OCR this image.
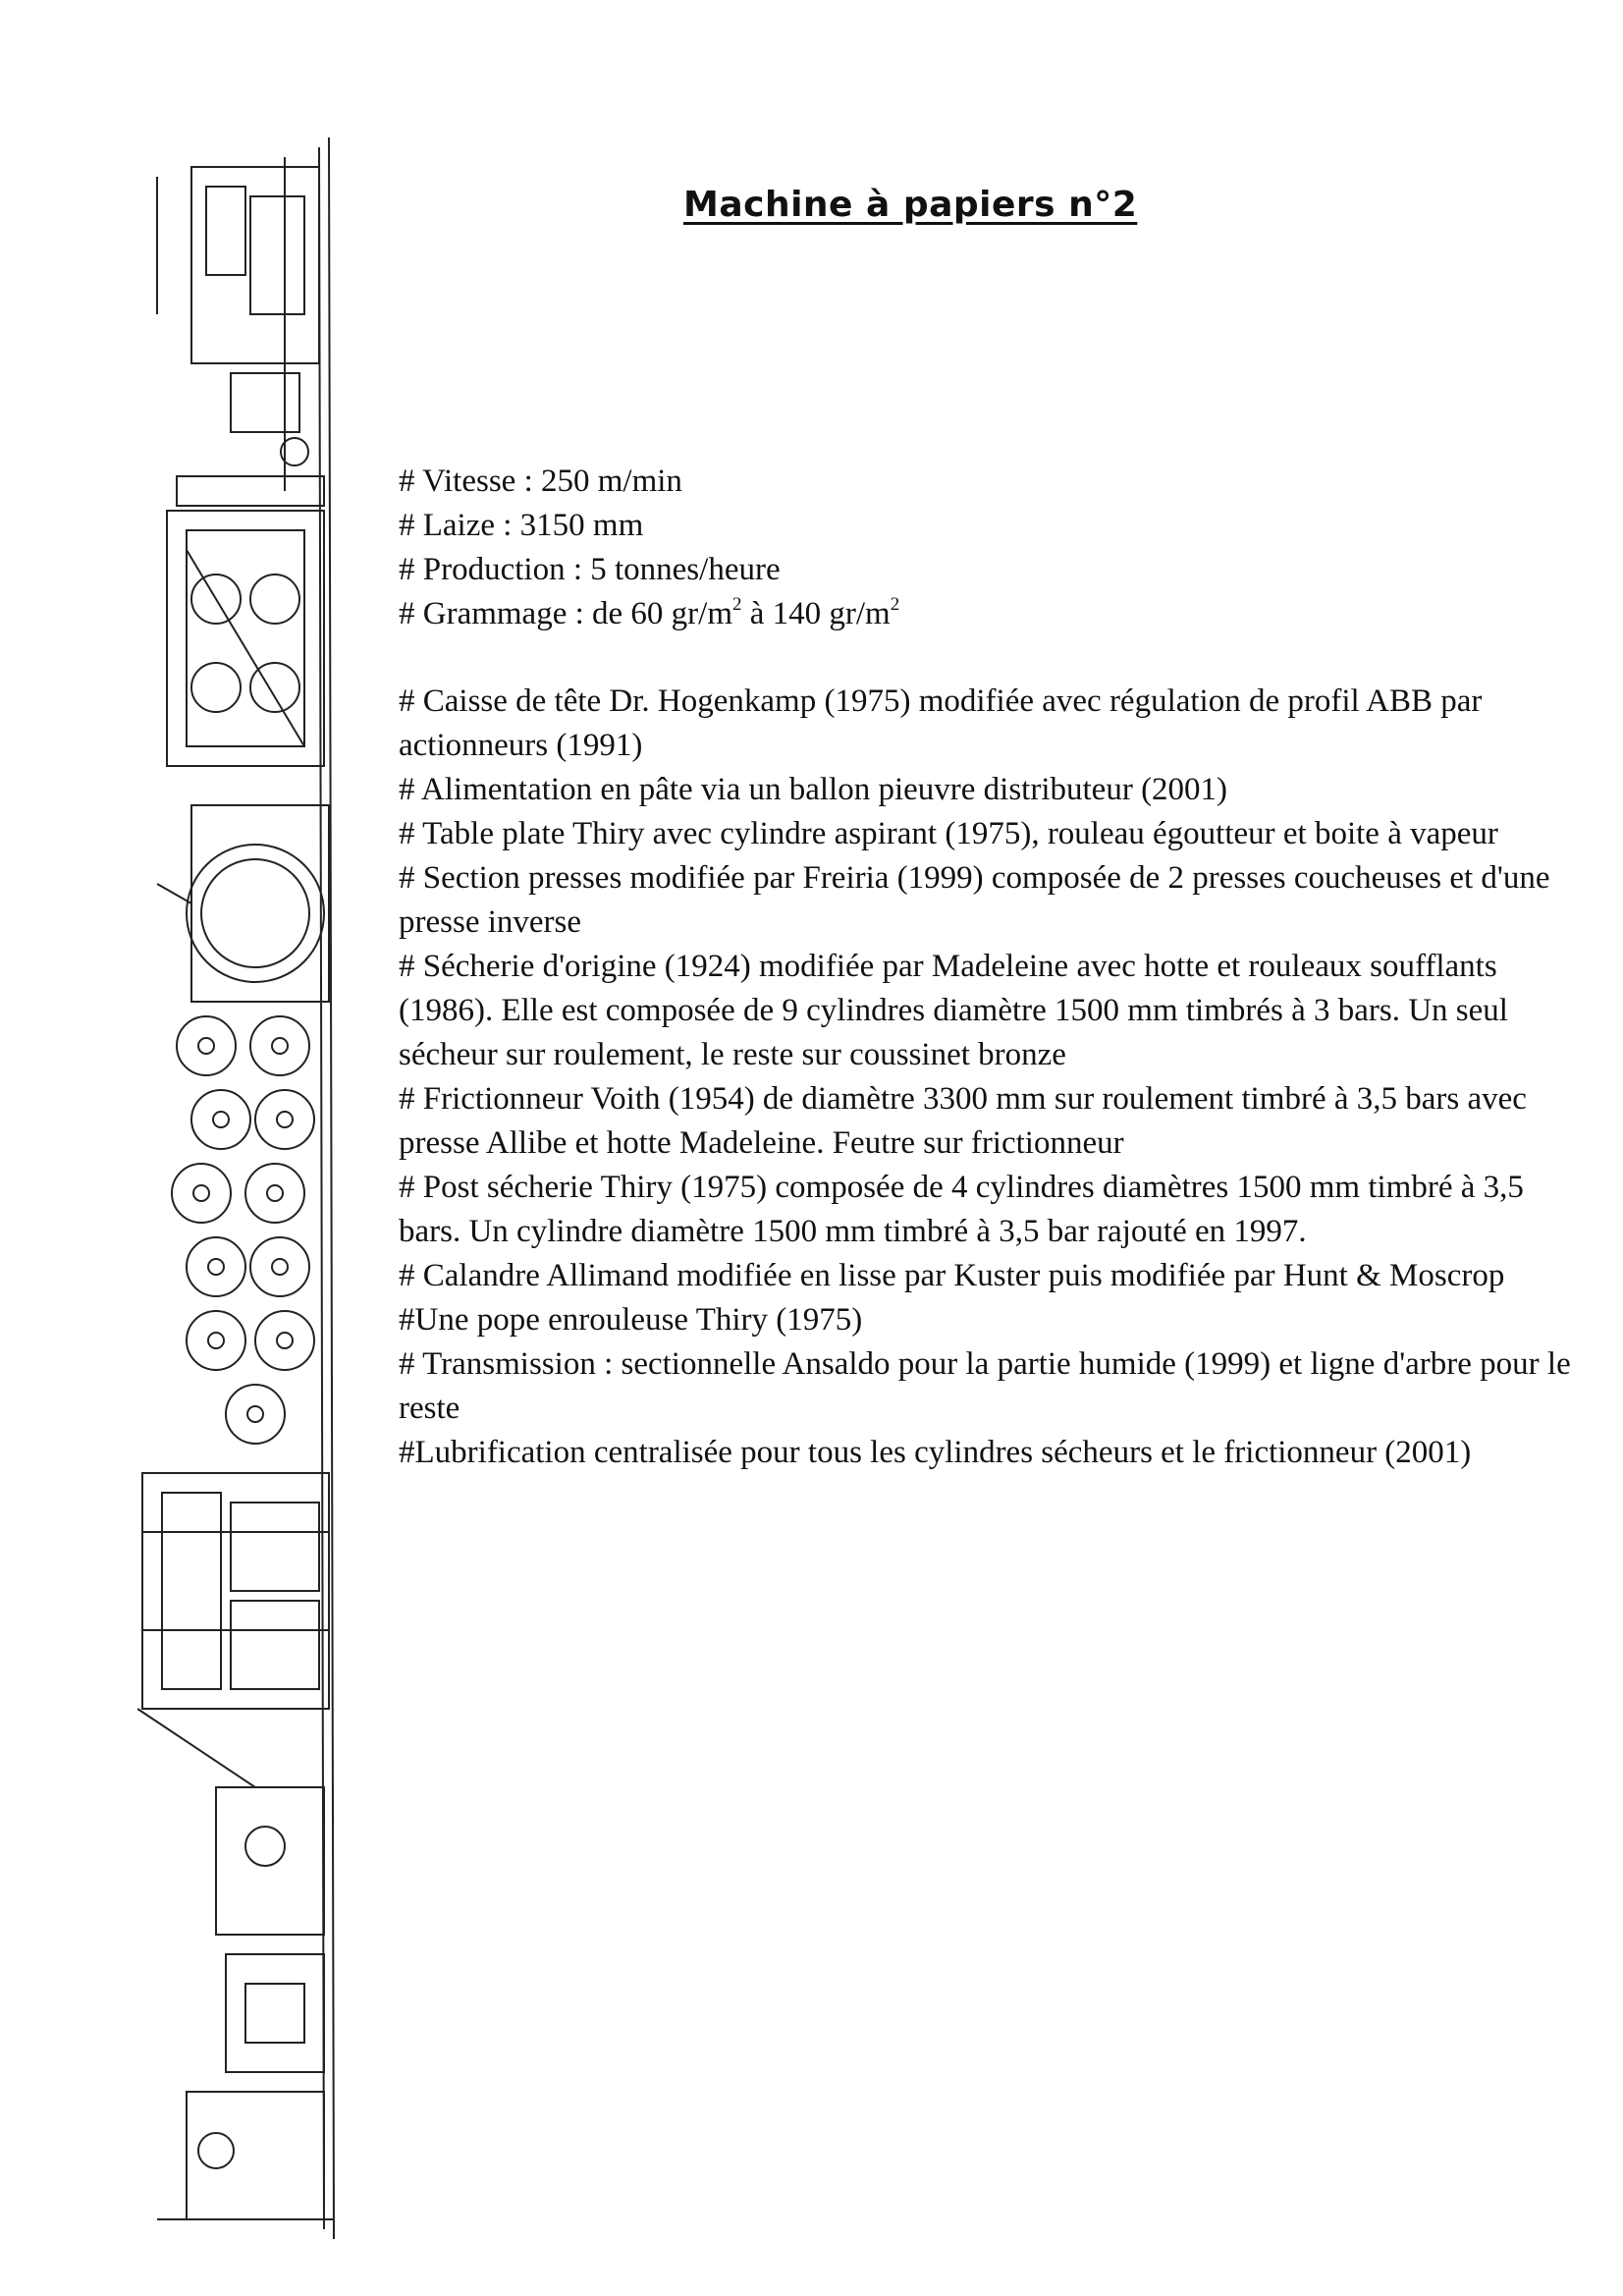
Machine à papiers n°2
# Vitesse : 250 m/min
# Laize : 3150 mm
# Production : 5 tonnes/heure
# Grammage : de 60 $gr/m^2$ à 140 $gr/m^2$
# Caisse de tête Dr. Hogenkamp (1975) modifiée avec régulation de profil ABB par actionneurs (1991)
# Alimentation en pâte via un ballon pieuvre distributeur (2001)
# Table plate Thiry avec cylindre aspirant (1975), rouleau égoutteur et boite à vapeur
# Section presses modifiée par Freiria (1999) composée de 2 presses coucheuses et d'une presse inverse
# Sécherie d'origine (1924) modifiée par Madeleine avec hotte et rouleaux soufflants (1986). Elle est composée de 9 cylindres diamètre 1500 mm timbrés à 3 bars. Un seul sécheur sur roulement, le reste sur coussinet bronze
# Frictionneur Voith (1954) de diamètre 3300 mm sur roulement timbré à 3,5 bars avec presse Allibe et hotte Madeleine. Feutre sur frictionneur
# Post sécherie Thiry (1975) composée de 4 cylindres diamètres 1500 mm timbré à 3,5 bars. Un cylindre diamètre 1500 mm timbré à 3,5 bar rajouté en 1997.
# Calandre Allimand modifiée en lisse par Kuster puis modifiée par Hunt & Moscrop
#Une pope enrouleuse Thiry (1975)
# Transmission : sectionnelle Ansaldo pour la partie humide (1999) et ligne d'arbre pour le reste
#Lubrification centralisée pour tous les cylindres sécheurs et le frictionneur (2001)
